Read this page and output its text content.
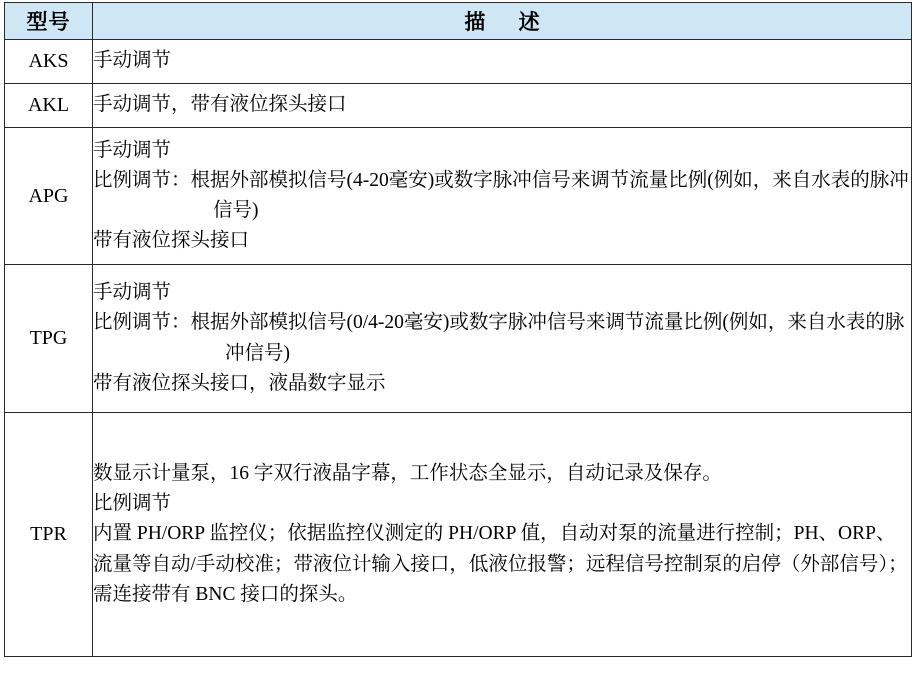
型号	描 述
AKS	手动调节

AKL	手动调节，带有液位探头接口

APG	手动调节
比例调节：根据外部模拟信号(4-20毫安)或数字脉冲信号来调节流量比例(例如，来自水表的脉冲信号)
带有液位探头接口

TPG	手动调节
比例调节：根据外部模拟信号(0/4-20毫安)或数字脉冲信号来调节流量比例(例如，来自水表的脉冲信号)
带有液位探头接口，液晶数字显示

TPR	数显示计量泵，16 字双行液晶字幕，工作状态全显示，自动记录及保存。
比例调节
内置 PH/ORP 监控仪；依据监控仪测定的 PH/ORP 值，自动对泵的流量进行控制；PH、ORP、流量等自动/手动校准；带液位计输入接口，低液位报警；远程信号控制泵的启停（外部信号）；需连接带有 BNC 接口的探头。
